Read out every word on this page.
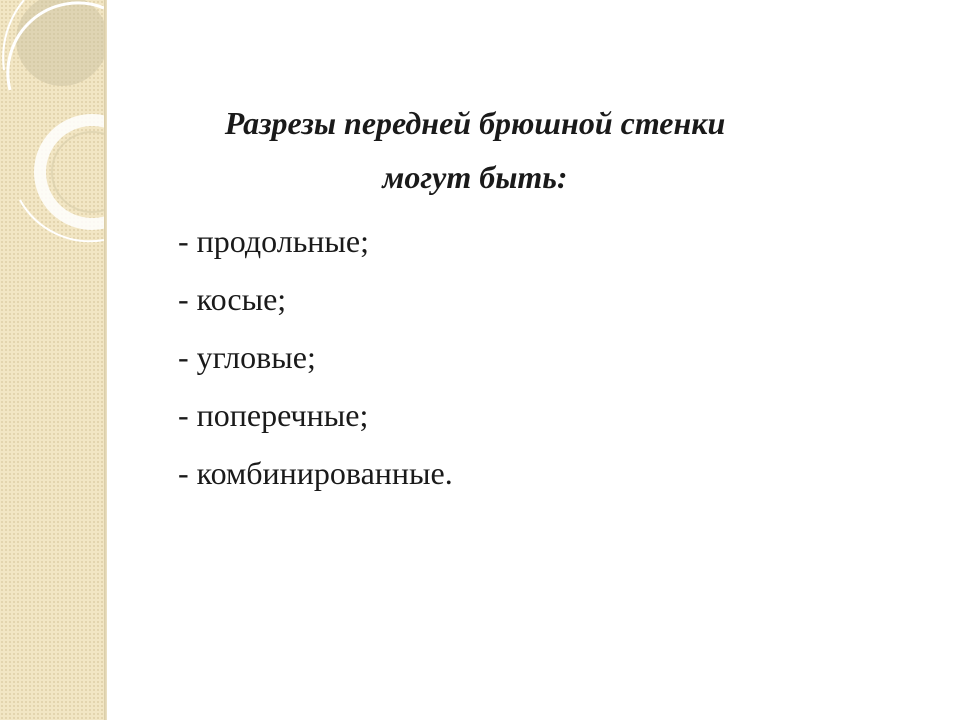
Разрезы передней брюшной стенки
могут быть:
- продольные;
- косые;
- угловые;
- поперечные;
- комбинированные.
